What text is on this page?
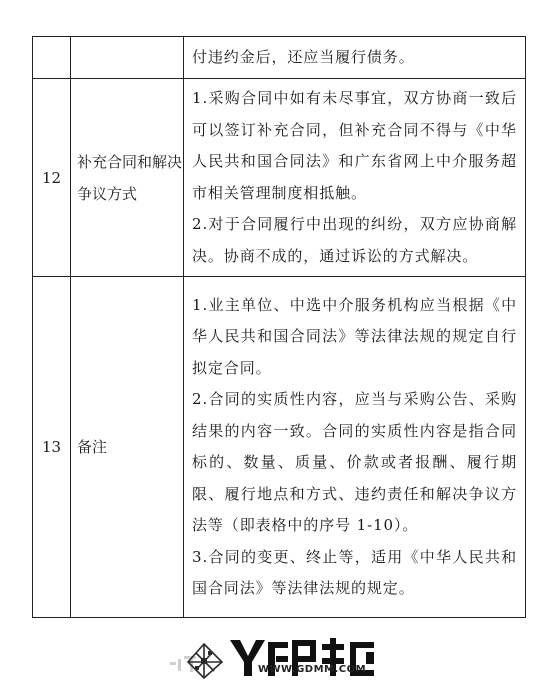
		付违约金后，还应当履行债务。

12	补充合同和解决争议方式	1.采购合同中如有未尽事宜，双方协商一致后可以签订补充合同，但补充合同不得与《中华人民共和国合同法》和广东省网上中介服务超市相关管理制度相抵触。

2.对于合同履行中出现的纠纷，双方应协商解决。协商不成的，通过诉讼的方式解决。

13	备注	1.业主单位、中选中介服务机构应当根据《中华人民共和国合同法》等法律法规的规定自行拟定合同。

2.合同的实质性内容，应当与采购公告、采购结果的内容一致。合同的实质性内容是指合同标的、数量、质量、价款或者报酬、履行期限、履行地点和方式、违约责任和解决争议方法等（即表格中的序号 1-10）。

3.合同的变更、终止等，适用《中华人民共和国合同法》等法律法规的规定。

WWW.GDMM.COM
